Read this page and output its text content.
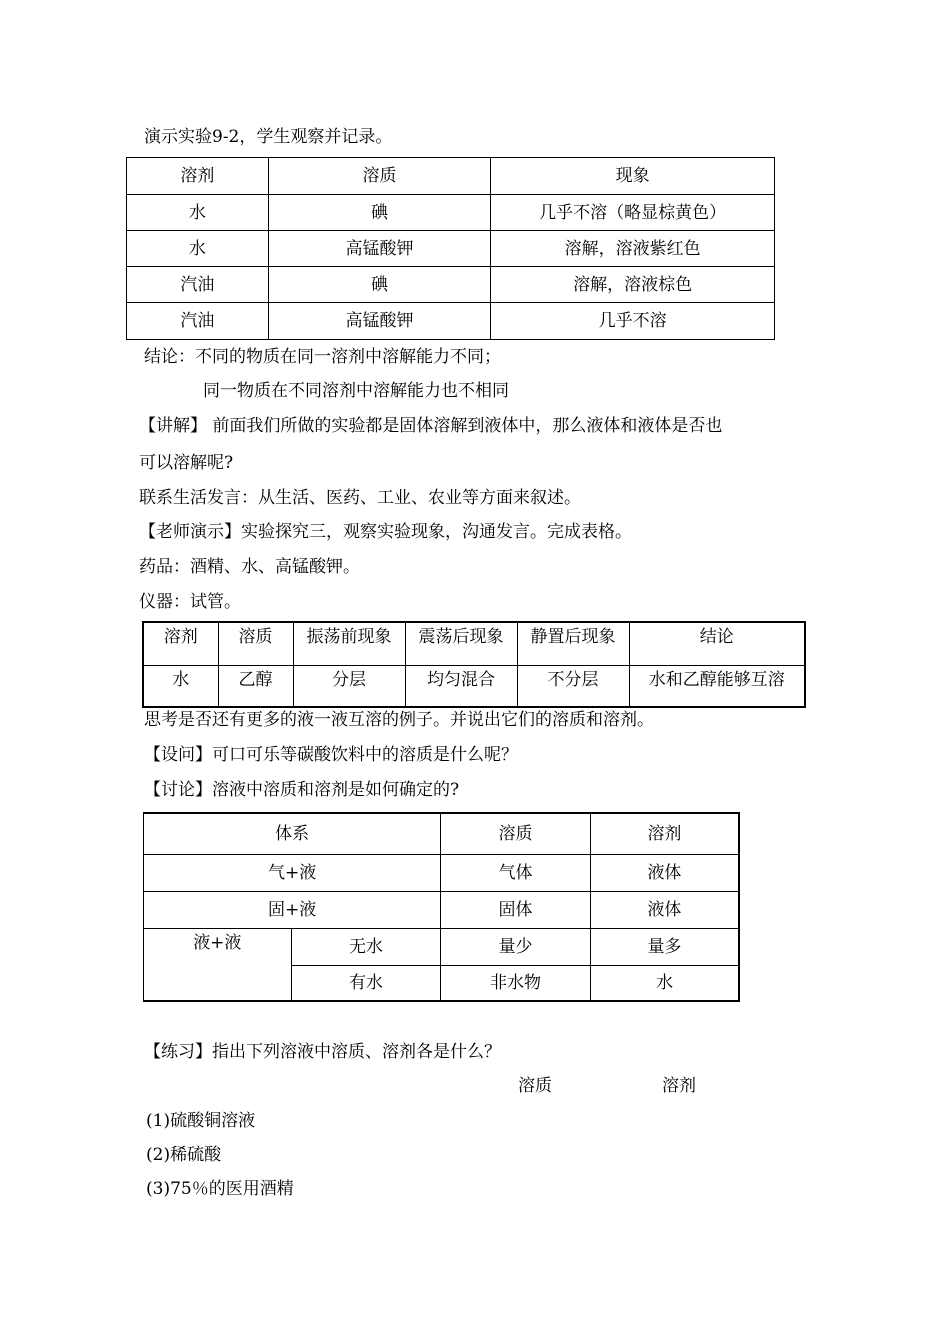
演示实验9-2，学生观察并记录。
溶剂	溶质	现象
水	碘	几乎不溶（略显棕黄色）
水	高锰酸钾	溶解，溶液紫红色
汽油	碘	溶解，溶液棕色
汽油	高锰酸钾	几乎不溶
结论：不同的物质在同一溶剂中溶解能力不同；
同一物质在不同溶剂中溶解能力也不相同
【讲解】 前面我们所做的实验都是固体溶解到液体中，那么液体和液体是否也
可以溶解呢?
联系生活发言：从生活、医药、工业、农业等方面来叙述。
【老师演示】实验探究三，观察实验现象，沟通发言。完成表格。
药品：酒精、水、高锰酸钾。
仪器：试管。
溶剂	溶质	振荡前现象	震荡后现象	静置后现象	结论
水	乙醇	分层	均匀混合	不分层	水和乙醇能够互溶
思考是否还有更多的液一液互溶的例子。并说出它们的溶质和溶剂。
【设问】可口可乐等碳酸饮料中的溶质是什么呢？
【讨论】溶液中溶质和溶剂是如何确定的?
体系		溶质	溶剂
气+液		气体	液体
固+液		固体	液体
液+液	无水	量少	量多
	有水	非水物	水
【练习】指出下列溶液中溶质、溶剂各是什么？
溶质	溶剂
(1)硫酸铜溶液
(2)稀硫酸
(3)75％的医用酒精
